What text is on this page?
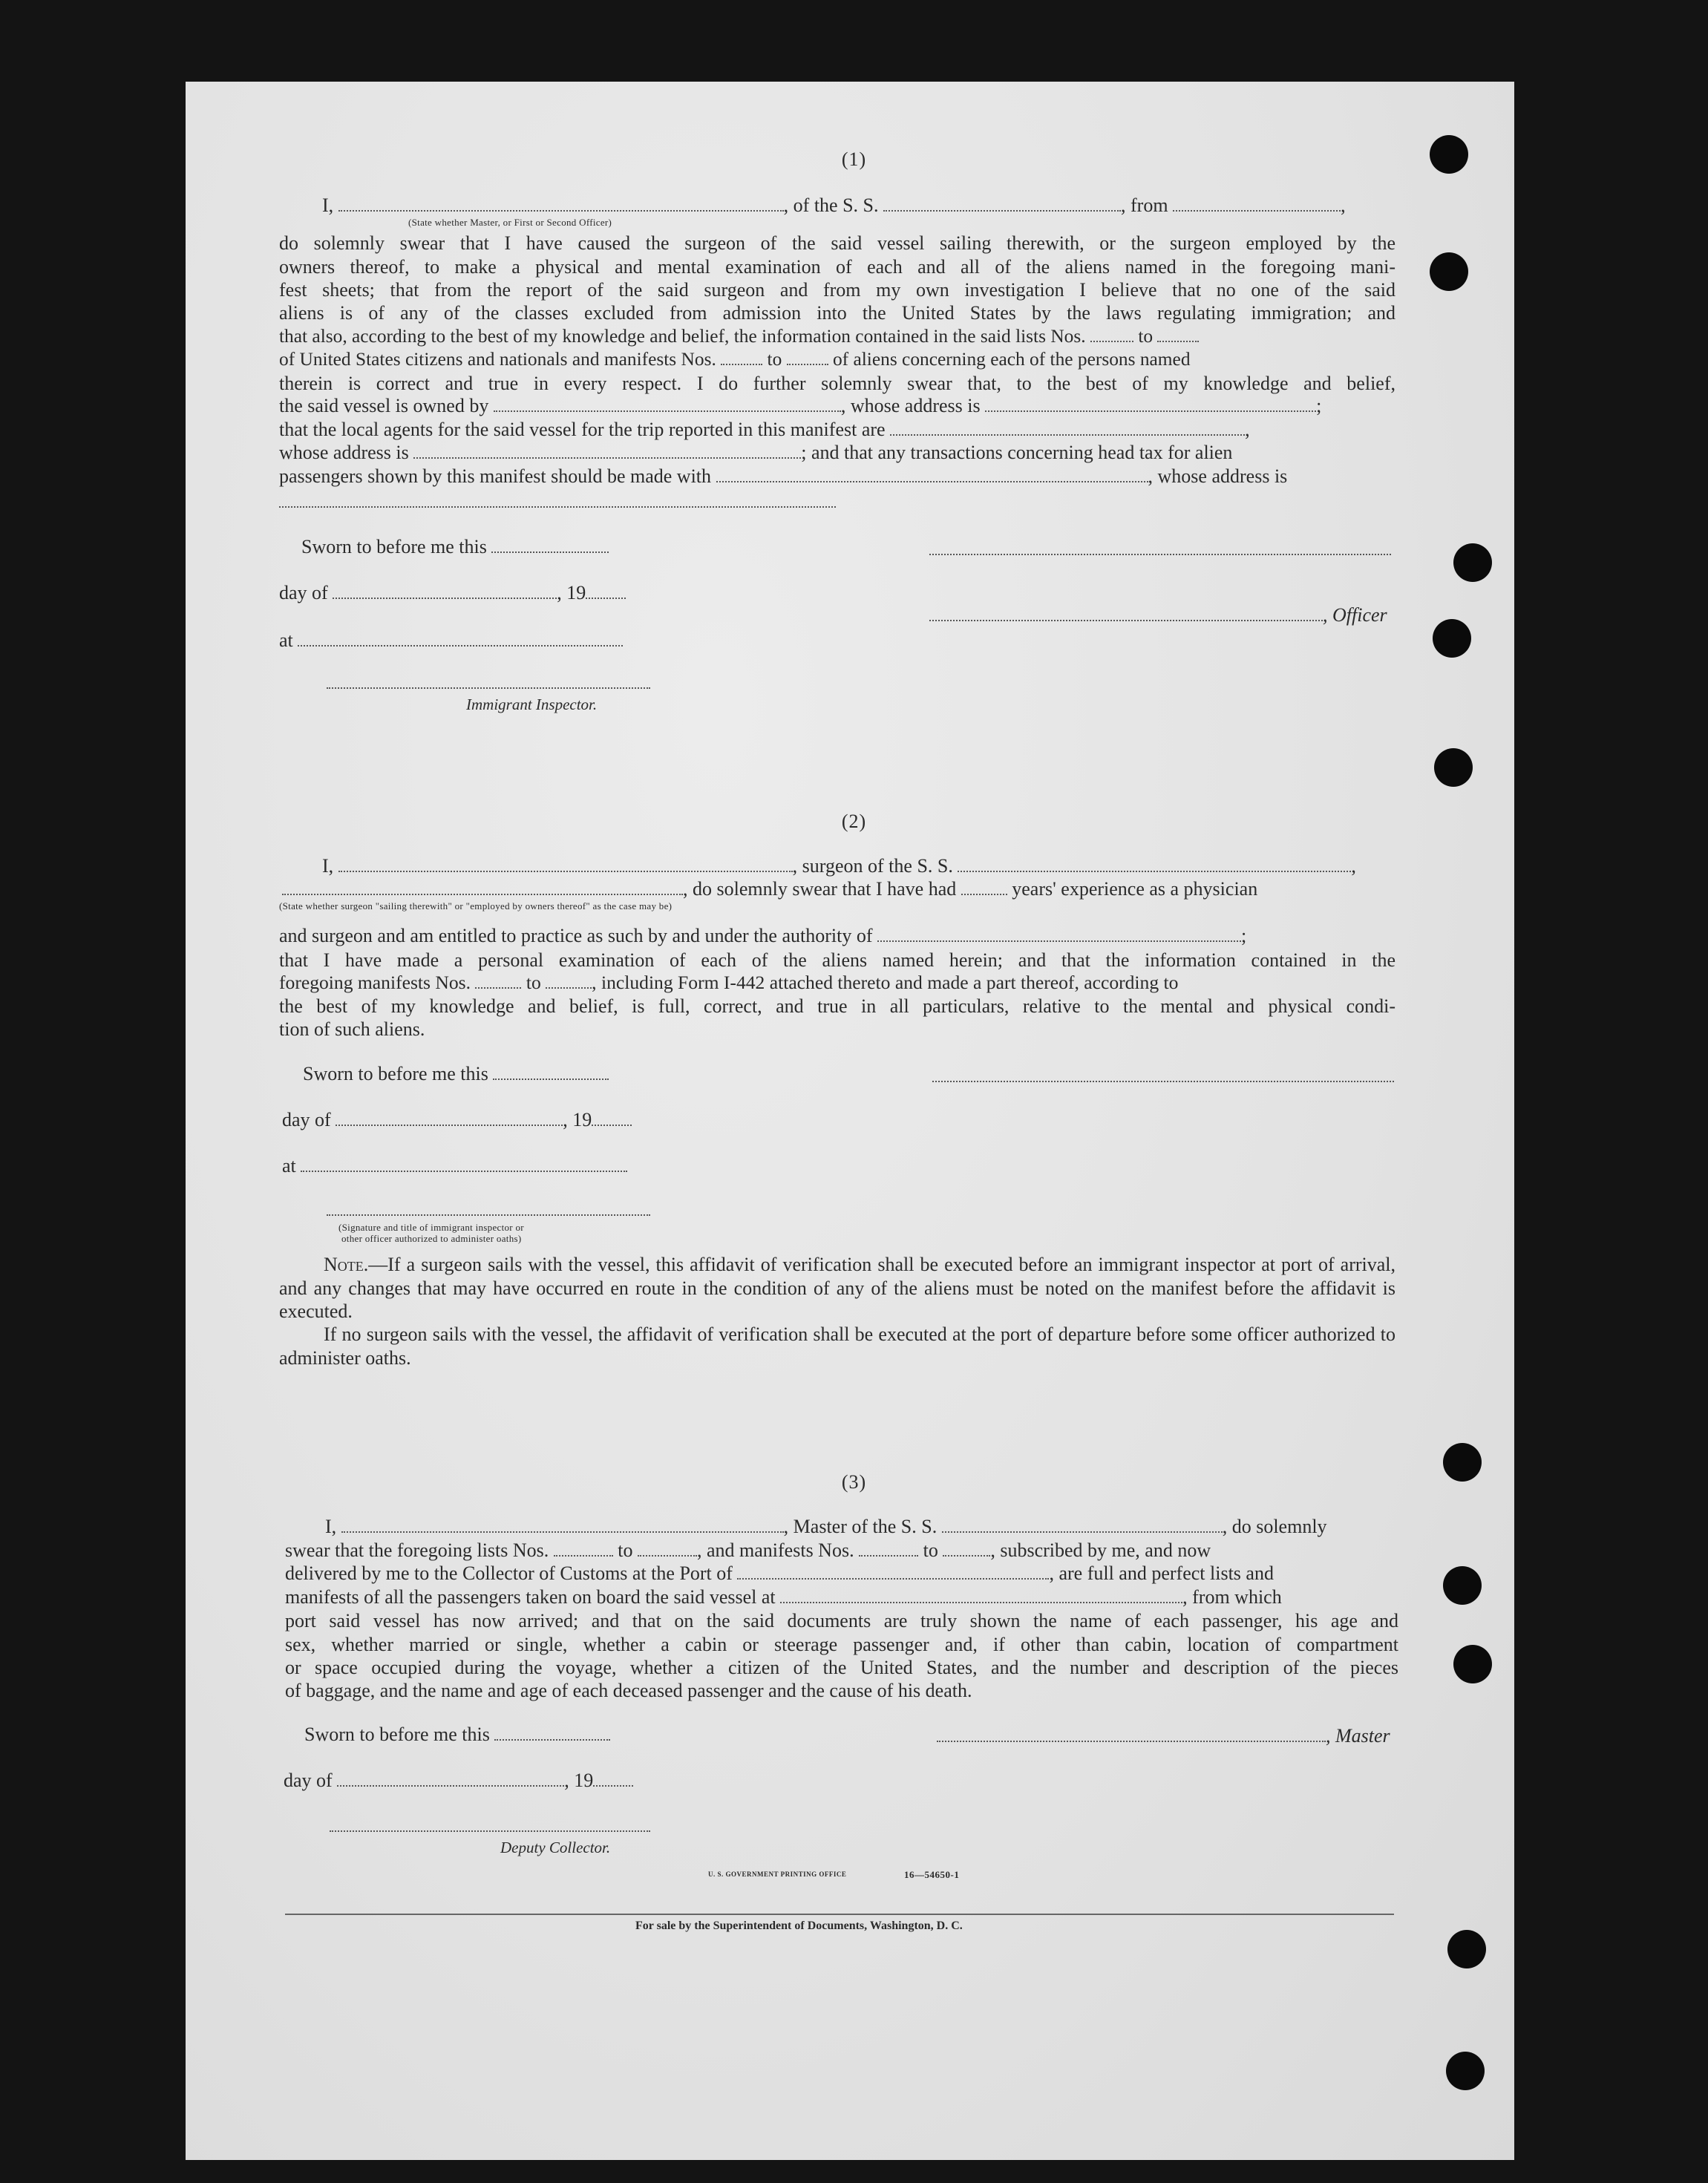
(1)
I,	, of the S. S.	, from	,
(State whether Master, or First or Second Officer)
do solemnly swear that I have caused the surgeon of the said vessel sailing therewith, or the surgeon employed by the
owners thereof, to make a physical and mental examination of each and all of the aliens named in the foregoing mani-
fest sheets; that from the report of the said surgeon and from my own investigation I believe that no one of the said
aliens is of any of the classes excluded from admission into the United States by the laws regulating immigration; and
that also, according to the best of my knowledge and belief, the information contained in the said lists Nos.	to
of United States citizens and nationals and manifests Nos.	to	of aliens concerning each of the persons named
therein is correct and true in every respect. I do further solemnly swear that, to the best of my knowledge and belief,
the said vessel is owned by	, whose address is	;
that the local agents for the said vessel for the trip reported in this manifest are	,
whose address is	; and that any transactions concerning head tax for alien
passengers shown by this manifest should be made with	, whose address is
Sworn to before me this
day of	, 19
, Officer
at
Immigrant Inspector.
(2)
I,	, surgeon of the S. S.	,
, do solemnly swear that I have had	years' experience as a physician
(State whether surgeon "sailing therewith" or "employed by owners thereof" as the case may be)
and surgeon and am entitled to practice as such by and under the authority of	;
that I have made a personal examination of each of the aliens named herein; and that the information contained in the
foregoing manifests Nos.	to	, including Form I-442 attached thereto and made a part thereof, according to
the best of my knowledge and belief, is full, correct, and true in all particulars, relative to the mental and physical condi-
tion of such aliens.
Sworn to before me this
day of	, 19
at
(Signature and title of immigrant inspector or
other officer authorized to administer oaths)
Note.—If a surgeon sails with the vessel, this affidavit of verification shall be executed before an immigrant inspector at port of arrival, and any changes that may have occurred en route in the condition of any of the aliens must be noted on the manifest before the affidavit is executed.
If no surgeon sails with the vessel, the affidavit of verification shall be executed at the port of departure before some officer authorized to administer oaths.
(3)
I,	, Master of the S. S.	, do solemnly
swear that the foregoing lists Nos.	to	, and manifests Nos.	to	, subscribed by me, and now
delivered by me to the Collector of Customs at the Port of	, are full and perfect lists and
manifests of all the passengers taken on board the said vessel at	, from which
port said vessel has now arrived; and that on the said documents are truly shown the name of each passenger, his age and
sex, whether married or single, whether a cabin or steerage passenger and, if other than cabin, location of compartment
or space occupied during the voyage, whether a citizen of the United States, and the number and description of the pieces
of baggage, and the name and age of each deceased passenger and the cause of his death.
Sworn to before me this	, Master
day of	, 19
Deputy Collector.
U. S. GOVERNMENT PRINTING OFFICE	16—54650-1
For sale by the Superintendent of Documents, Washington, D. C.
